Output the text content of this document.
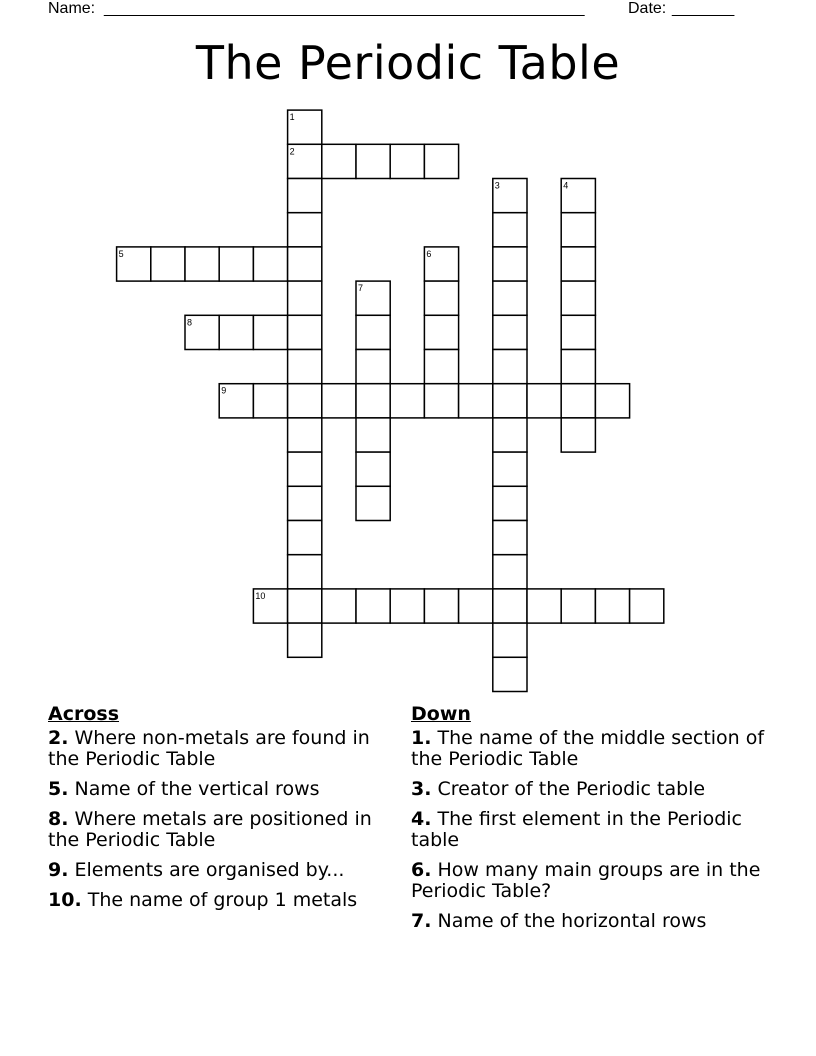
Name: ______________________________________________________	Date: _______
The Periodic Table
1
2
3	4
5	6
7
8
9
10
Across
2. Where non-metals are found in the Periodic Table
5. Name of the vertical rows
8. Where metals are positioned in the Periodic Table
9. Elements are organised by...
10. The name of group 1 metals
Down
1. The name of the middle section of the Periodic Table
3. Creator of the Periodic table
4. The first element in the Periodic table
6. How many main groups are in the Periodic Table?
7. Name of the horizontal rows
